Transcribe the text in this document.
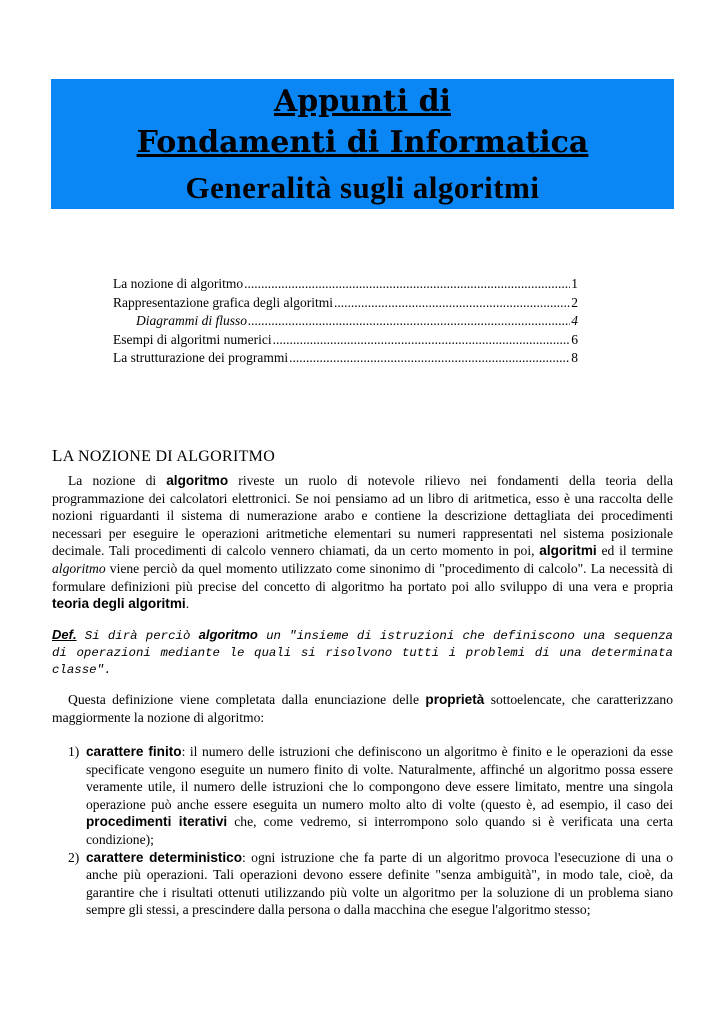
Appunti di
Fondamenti di Informatica
Generalità sugli algoritmi
La nozione di algoritmo .....	1
Rappresentazione grafica degli algoritmi .....	2
Diagrammi di flusso .....	4
Esempi di algoritmi numerici .....	6
La strutturazione dei programmi .....	8
LA NOZIONE DI ALGORITMO
La nozione di algoritmo riveste un ruolo di notevole rilievo nei fondamenti della teoria della programmazione dei calcolatori elettronici. Se noi pensiamo ad un libro di aritmetica, esso è una raccolta delle nozioni riguardanti il sistema di numerazione arabo e contiene la descrizione dettagliata dei procedimenti necessari per eseguire le operazioni aritmetiche elementari su numeri rappresentati nel sistema posizionale decimale. Tali procedimenti di calcolo vennero chiamati, da un certo momento in poi, algoritmi ed il termine algoritmo viene perciò da quel momento utilizzato come sinonimo di "procedimento di calcolo". La necessità di formulare definizioni più precise del concetto di algoritmo ha portato poi allo sviluppo di una vera e propria teoria degli algoritmi.
Def. Si dirà perciò algoritmo un "insieme di istruzioni che definiscono una sequenza di operazioni mediante le quali si risolvono tutti i problemi di una determinata classe".
Questa definizione viene completata dalla enunciazione delle proprietà sottoelencate, che caratterizzano maggiormente la nozione di algoritmo:
1) carattere finito: il numero delle istruzioni che definiscono un algoritmo è finito e le operazioni da esse specificate vengono eseguite un numero finito di volte. Naturalmente, affinché un algoritmo possa essere veramente utile, il numero delle istruzioni che lo compongono deve essere limitato, mentre una singola operazione può anche essere eseguita un numero molto alto di volte (questo è, ad esempio, il caso dei procedimenti iterativi che, come vedremo, si interrompono solo quando si è verificata una certa condizione);
2) carattere deterministico: ogni istruzione che fa parte di un algoritmo provoca l'esecuzione di una o anche più operazioni. Tali operazioni devono essere definite "senza ambiguità", in modo tale, cioè, da garantire che i risultati ottenuti utilizzando più volte un algoritmo per la soluzione di un problema siano sempre gli stessi, a prescindere dalla persona o dalla macchina che esegue l'algoritmo stesso;
